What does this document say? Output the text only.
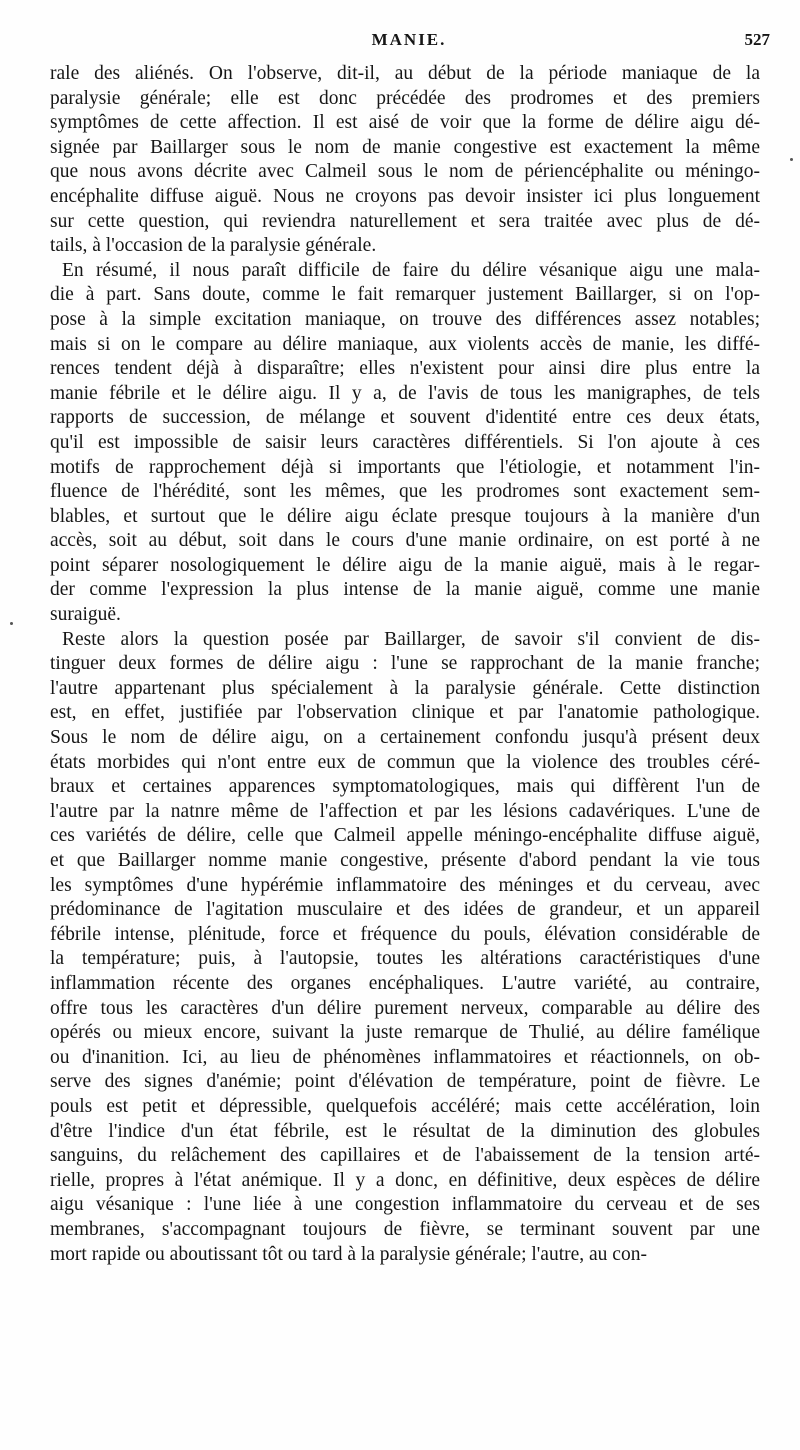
MANIE.	527
rale des aliénés. On l'observe, dit-il, au début de la période maniaque de la
paralysie générale; elle est donc précédée des prodromes et des premiers
symptômes de cette affection. Il est aisé de voir que la forme de délire aigu dé-
signée par Baillarger sous le nom de manie congestive est exactement la même
que nous avons décrite avec Calmeil sous le nom de périencéphalite ou méningo-
encéphalite diffuse aiguë. Nous ne croyons pas devoir insister ici plus longuement
sur cette question, qui reviendra naturellement et sera traitée avec plus de dé-
tails, à l'occasion de la paralysie générale.
En résumé, il nous paraît difficile de faire du délire vésanique aigu une mala-
die à part. Sans doute, comme le fait remarquer justement Baillarger, si on l'op-
pose à la simple excitation maniaque, on trouve des différences assez notables;
mais si on le compare au délire maniaque, aux violents accès de manie, les diffé-
rences tendent déjà à disparaître; elles n'existent pour ainsi dire plus entre la
manie fébrile et le délire aigu. Il y a, de l'avis de tous les manigraphes, de tels
rapports de succession, de mélange et souvent d'identité entre ces deux états,
qu'il est impossible de saisir leurs caractères différentiels. Si l'on ajoute à ces
motifs de rapprochement déjà si importants que l'étiologie, et notamment l'in-
fluence de l'hérédité, sont les mêmes, que les prodromes sont exactement sem-
blables, et surtout que le délire aigu éclate presque toujours à la manière d'un
accès, soit au début, soit dans le cours d'une manie ordinaire, on est porté à ne
point séparer nosologiquement le délire aigu de la manie aiguë, mais à le regar-
der comme l'expression la plus intense de la manie aiguë, comme une manie
suraiguë.
Reste alors la question posée par Baillarger, de savoir s'il convient de dis-
tinguer deux formes de délire aigu : l'une se rapprochant de la manie franche;
l'autre appartenant plus spécialement à la paralysie générale. Cette distinction
est, en effet, justifiée par l'observation clinique et par l'anatomie pathologique.
Sous le nom de délire aigu, on a certainement confondu jusqu'à présent deux
états morbides qui n'ont entre eux de commun que la violence des troubles céré-
braux et certaines apparences symptomatologiques, mais qui diffèrent l'un de
l'autre par la natnre même de l'affection et par les lésions cadavériques. L'une de
ces variétés de délire, celle que Calmeil appelle méningo-encéphalite diffuse aiguë,
et que Baillarger nomme manie congestive, présente d'abord pendant la vie tous
les symptômes d'une hypérémie inflammatoire des méninges et du cerveau, avec
prédominance de l'agitation musculaire et des idées de grandeur, et un appareil
fébrile intense, plénitude, force et fréquence du pouls, élévation considérable de
la température; puis, à l'autopsie, toutes les altérations caractéristiques d'une
inflammation récente des organes encéphaliques. L'autre variété, au contraire,
offre tous les caractères d'un délire purement nerveux, comparable au délire des
opérés ou mieux encore, suivant la juste remarque de Thulié, au délire famélique
ou d'inanition. Ici, au lieu de phénomènes inflammatoires et réactionnels, on ob-
serve des signes d'anémie; point d'élévation de température, point de fièvre. Le
pouls est petit et dépressible, quelquefois accéléré; mais cette accélération, loin
d'être l'indice d'un état fébrile, est le résultat de la diminution des globules
sanguins, du relâchement des capillaires et de l'abaissement de la tension arté-
rielle, propres à l'état anémique. Il y a donc, en définitive, deux espèces de délire
aigu vésanique : l'une liée à une congestion inflammatoire du cerveau et de ses
membranes, s'accompagnant toujours de fièvre, se terminant souvent par une
mort rapide ou aboutissant tôt ou tard à la paralysie générale; l'autre, au con-
